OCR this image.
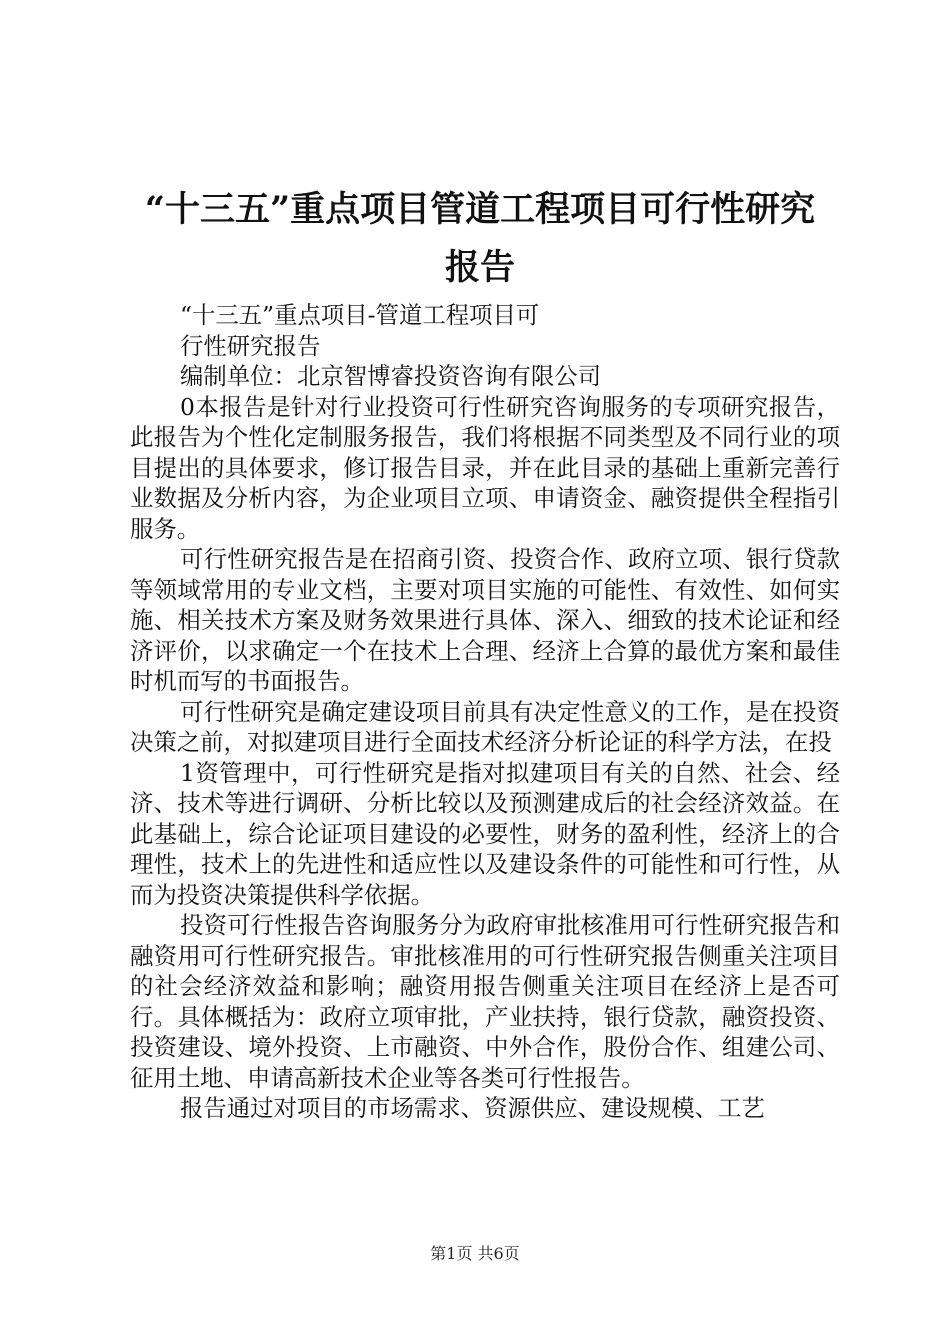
“十三五”重点项目管道工程项目可行性研究
报告

“十三五”重点项目-管道工程项目可

行性研究报告

编制单位：北京智博睿投资咨询有限公司

0本报告是针对行业投资可行性研究咨询服务的专项研究报告，此报告为个性化定制服务报告，我们将根据不同类型及不同行业的项目提出的具体要求，修订报告目录，并在此目录的基础上重新完善行业数据及分析内容，为企业项目立项、申请资金、融资提供全程指引服务。

可行性研究报告是在招商引资、投资合作、政府立项、银行贷款等领域常用的专业文档，主要对项目实施的可能性、有效性、如何实施、相关技术方案及财务效果进行具体、深入、细致的技术论证和经济评价，以求确定一个在技术上合理、经济上合算的最优方案和最佳时机而写的书面报告。

可行性研究是确定建设项目前具有决定性意义的工作，是在投资决策之前，对拟建项目进行全面技术经济分析论证的科学方法，在投

1资管理中，可行性研究是指对拟建项目有关的自然、社会、经济、技术等进行调研、分析比较以及预测建成后的社会经济效益。在此基础上，综合论证项目建设的必要性，财务的盈利性，经济上的合理性，技术上的先进性和适应性以及建设条件的可能性和可行性，从而为投资决策提供科学依据。

投资可行性报告咨询服务分为政府审批核准用可行性研究报告和融资用可行性研究报告。审批核准用的可行性研究报告侧重关注项目的社会经济效益和影响；融资用报告侧重关注项目在经济上是否可行。具体概括为：政府立项审批，产业扶持，银行贷款，融资投资、投资建设、境外投资、上市融资、中外合作，股份合作、组建公司、征用土地、申请高新技术企业等各类可行性报告。

报告通过对项目的市场需求、资源供应、建设规模、工艺

第1页 共6页
